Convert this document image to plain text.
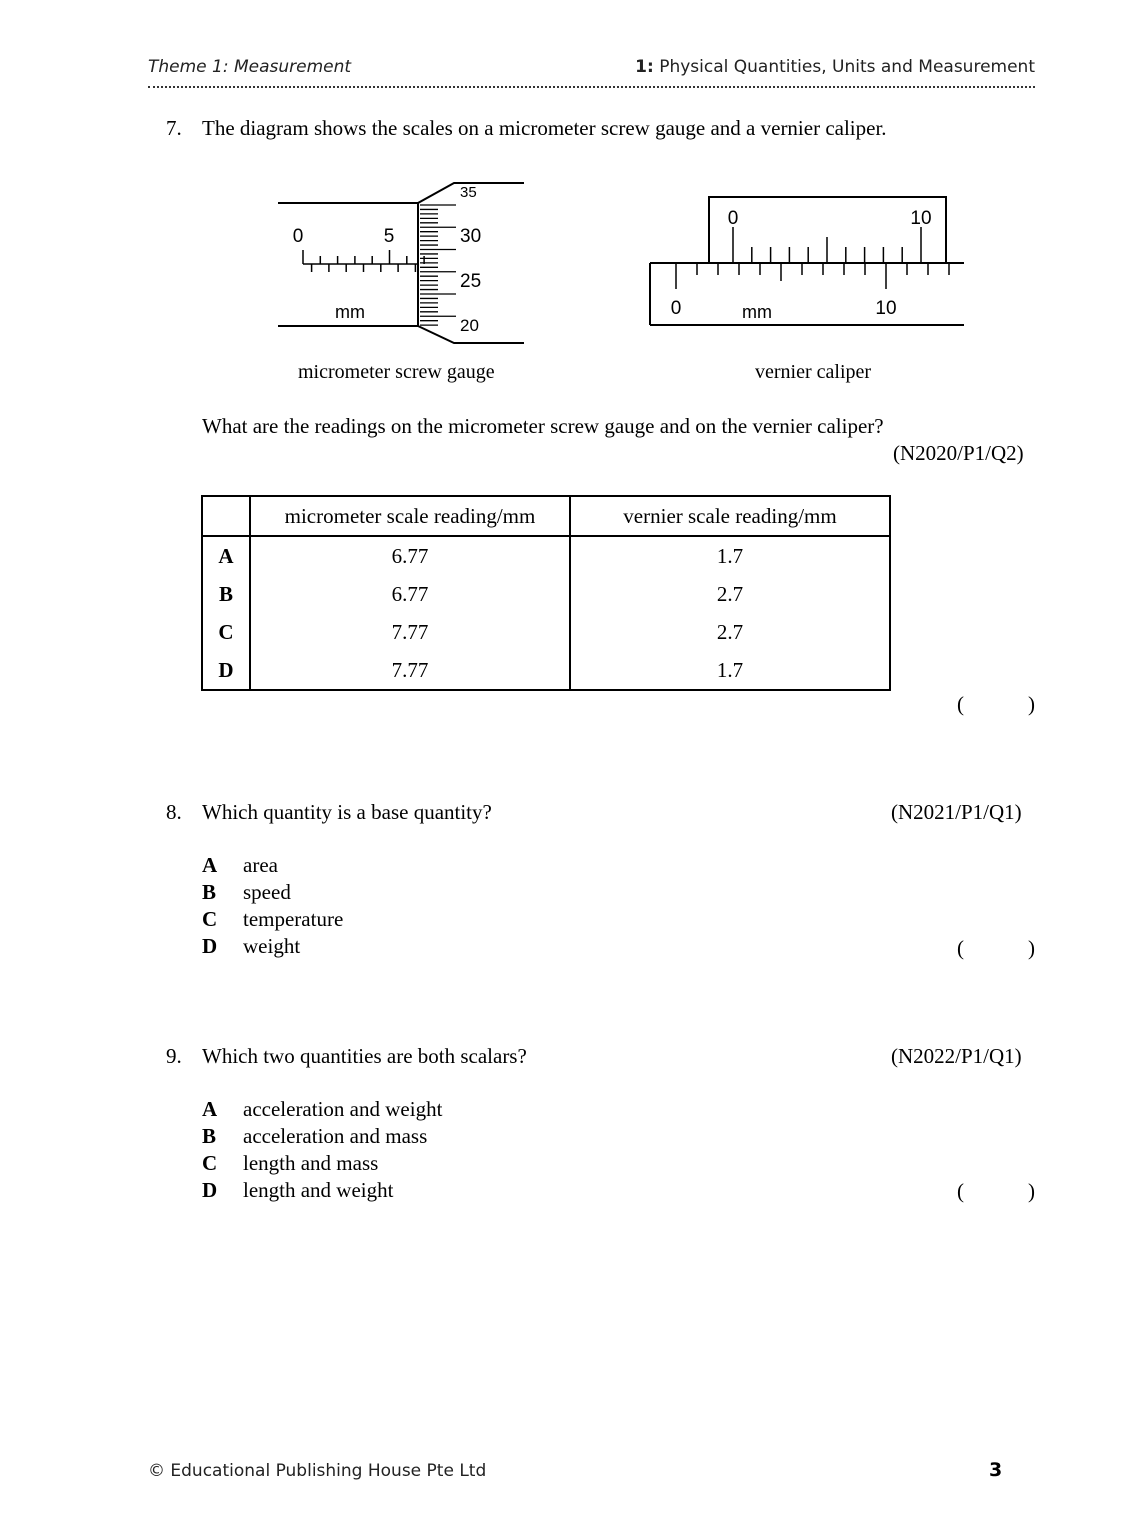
Theme 1: Measurement	1: Physical Quantities, Units and Measurement
7. The diagram shows the scales on a micrometer screw gauge and a vernier caliper.
0	5
mm
35
30
25
20
0	10
0	10
mm
micrometer screw gauge	vernier caliper
What are the readings on the micrometer screw gauge and on the vernier caliper?
(N2020/P1/Q2)
	micrometer scale reading/mm	vernier scale reading/mm
A	6.77	1.7
B	6.77	2.7
C	7.77	2.7
D	7.77	1.7
(	)
8. Which quantity is a base quantity?	(N2021/P1/Q1)
A	area
B	speed
C	temperature
D	weight	(	)
9. Which two quantities are both scalars?	(N2022/P1/Q1)
A	acceleration and weight
B	acceleration and mass
C	length and mass
D	length and weight	(	)
© Educational Publishing House Pte Ltd	3
